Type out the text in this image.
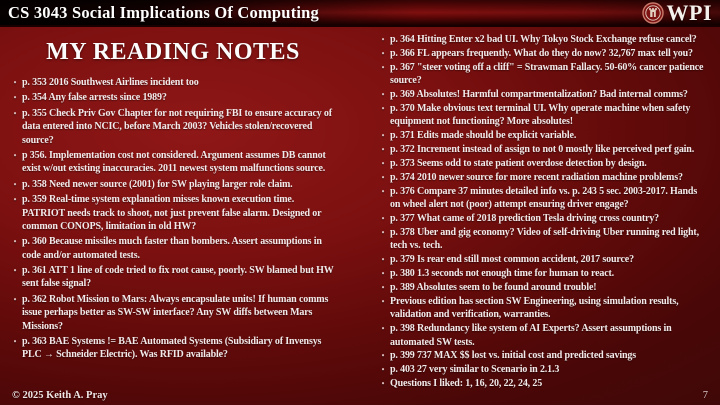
CS 3043 Social Implications Of Computing	WPI
MY READING NOTES
• p. 353 2016 Southwest Airlines incident too
• p. 354 Any false arrests since 1989?
• p. 355 Check Priv Gov Chapter for not requiring FBI to ensure accuracy of data entered into NCIC, before March 2003? Vehicles stolen/recovered source?
• p 356. Implementation cost not considered. Argument assumes DB cannot exist w/out existing inaccuracies. 2011 newest system malfunctions source.
• p. 358 Need newer source (2001) for SW playing larger role claim.
• p. 359 Real-time system explanation misses known execution time. PATRIOT needs track to shoot, not just prevent false alarm. Designed or common CONOPS, limitation in old HW?
• p. 360 Because missiles much faster than bombers. Assert assumptions in code and/or automated tests.
• p. 361 ATT 1 line of code tried to fix root cause, poorly. SW blamed but HW sent false signal?
• p. 362 Robot Mission to Mars: Always encapsulate units! If human comms issue perhaps better as SW-SW interface? Any SW diffs between Mars Missions?
• p. 363 BAE Systems != BAE Automated Systems (Subsidiary of Invensys PLC → Schneider Electric). Was RFID available?
• p. 364 Hitting Enter x2 bad UI. Why Tokyo Stock Exchange refuse cancel?
• p. 366 FL appears frequently. What do they do now? 32,767 max tell you?
• p. 367 "steer voting off a cliff" = Strawman Fallacy. 50-60% cancer patience source?
• p. 369 Absolutes! Harmful compartmentalization? Bad internal comms?
• p. 370 Make obvious text terminal UI. Why operate machine when safety equipment not functioning? More absolutes!
• p. 371 Edits made should be explicit variable.
• p. 372 Increment instead of assign to not 0 mostly like perceived perf gain.
• p. 373 Seems odd to state patient overdose detection by design.
• p. 374 2010 newer source for more recent radiation machine problems?
• p. 376 Compare 37 minutes detailed info vs. p. 243 5 sec. 2003-2017. Hands on wheel alert not (poor) attempt ensuring driver engage?
• p. 377 What came of 2018 prediction Tesla driving cross country?
• p. 378 Uber and gig economy? Video of self-driving Uber running red light, tech vs. tech.
• p. 379 Is rear end still most common accident, 2017 source?
• p. 380 1.3 seconds not enough time for human to react.
• p. 389 Absolutes seem to be found around trouble!
• Previous edition has section SW Engineering, using simulation results, validation and verification, warranties.
• p. 398 Redundancy like system of AI Experts? Assert assumptions in automated SW tests.
• p. 399 737 MAX $$ lost vs. initial cost and predicted savings
• p. 403 27 very similar to Scenario in 2.1.3
• Questions I liked: 1, 16, 20, 22, 24, 25
© 2025 Keith A. Pray	7
